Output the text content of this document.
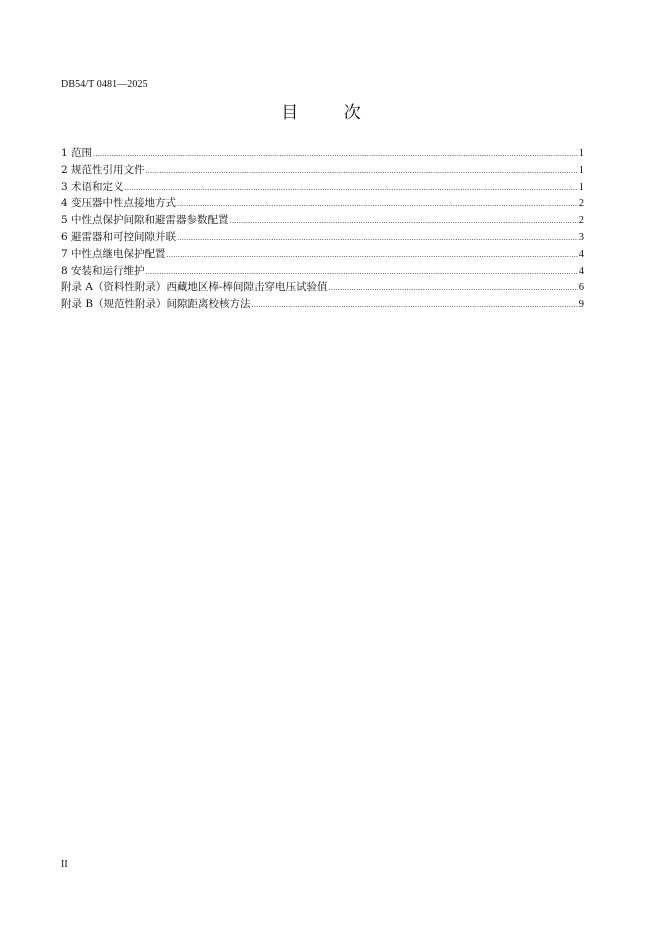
DB54/T 0481—2025
目 次
1 范围 .....	1
2 规范性引用文件 .....	1
3 术语和定义 .....	1
4 变压器中性点接地方式 .....	2
5 中性点保护间隙和避雷器参数配置 .....	2
6 避雷器和可控间隙并联 .....	3
7 中性点继电保护配置 .....	4
8 安装和运行维护 .....	4
附录 A（资料性附录）西藏地区棒-棒间隙击穿电压试验值 .....	6
附录 B（规范性附录）间隙距离校核方法 .....	9
II
